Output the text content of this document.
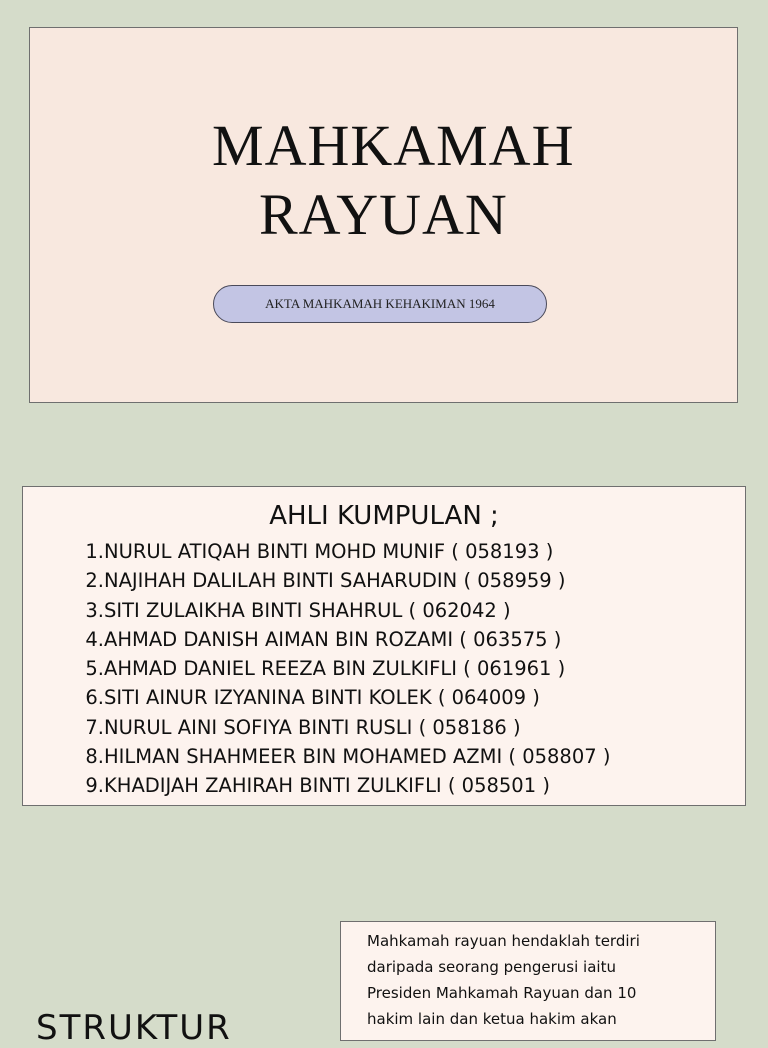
MAHKAMAH
RAYUAN
AKTA MAHKAMAH KEHAKIMAN 1964
AHLI KUMPULAN ;
1. NURUL ATIQAH BINTI MOHD MUNIF ( 058193 )
2. NAJIHAH DALILAH BINTI SAHARUDIN ( 058959 )
3. SITI ZULAIKHA BINTI SHAHRUL ( 062042 )
4. AHMAD DANISH AIMAN BIN ROZAMI ( 063575 )
5. AHMAD DANIEL REEZA BIN ZULKIFLI ( 061961 )
6. SITI AINUR IZYANINA BINTI KOLEK ( 064009 )
7. NURUL AINI SOFIYA BINTI RUSLI ( 058186 )
8. HILMAN SHAHMEER BIN MOHAMED AZMI ( 058807 )
9. KHADIJAH ZAHIRAH BINTI ZULKIFLI ( 058501 )
Mahkamah rayuan hendaklah terdiri
daripada seorang pengerusi iaitu
Presiden Mahkamah Rayuan dan 10
hakim lain dan ketua hakim akan
STRUKTUR
